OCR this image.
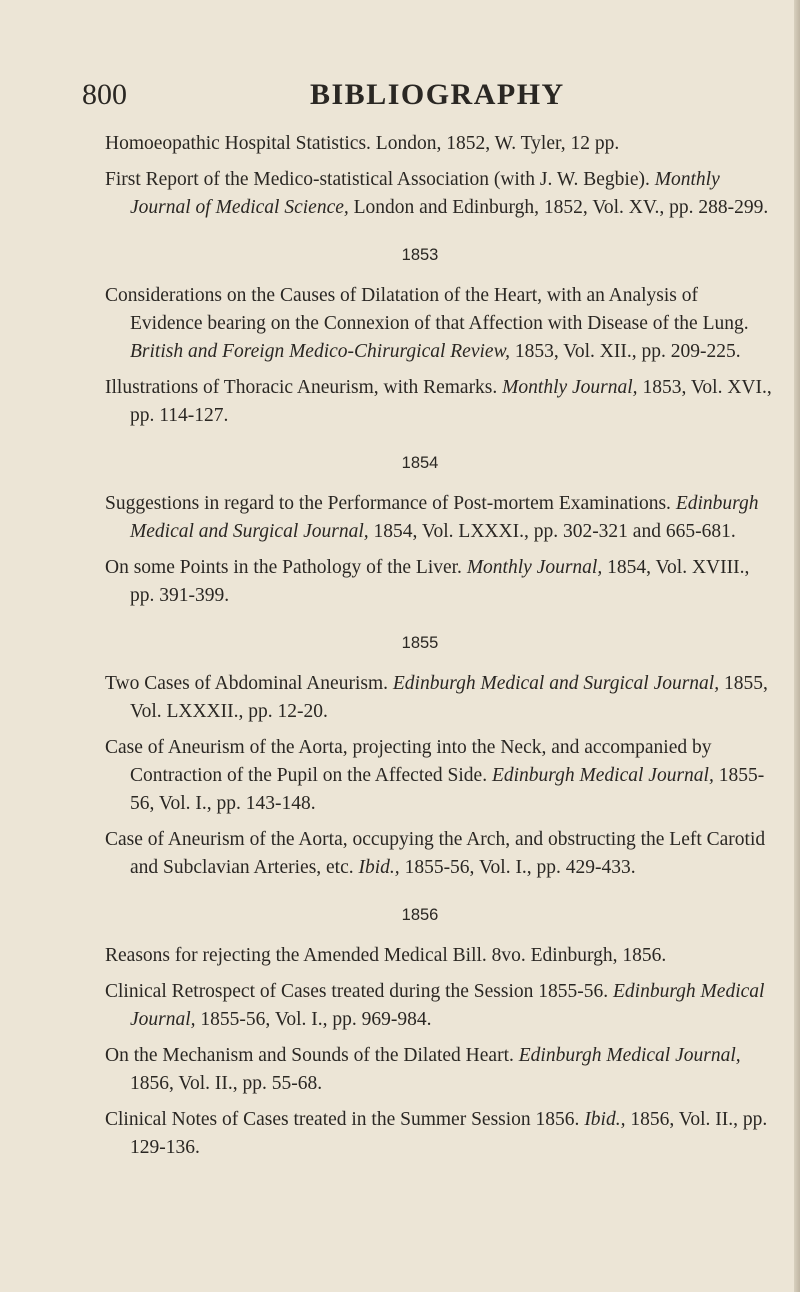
800	BIBLIOGRAPHY

Homoeopathic Hospital Statistics. London, 1852, W. Tyler, 12 pp.

First Report of the Medico-statistical Association (with J. W. Begbie). Monthly Journal of Medical Science, London and Edinburgh, 1852, Vol. XV., pp. 288-299.

1853

Considerations on the Causes of Dilatation of the Heart, with an Analysis of Evidence bearing on the Connexion of that Affection with Disease of the Lung. British and Foreign Medico-Chirurgical Review, 1853, Vol. XII., pp. 209-225.

Illustrations of Thoracic Aneurism, with Remarks. Monthly Journal, 1853, Vol. XVI., pp. 114-127.

1854

Suggestions in regard to the Performance of Post-mortem Examinations. Edinburgh Medical and Surgical Journal, 1854, Vol. LXXXI., pp. 302-321 and 665-681.

On some Points in the Pathology of the Liver. Monthly Journal, 1854, Vol. XVIII., pp. 391-399.

1855

Two Cases of Abdominal Aneurism. Edinburgh Medical and Surgical Journal, 1855, Vol. LXXXII., pp. 12-20.

Case of Aneurism of the Aorta, projecting into the Neck, and accompanied by Contraction of the Pupil on the Affected Side. Edinburgh Medical Journal, 1855-56, Vol. I., pp. 143-148.

Case of Aneurism of the Aorta, occupying the Arch, and obstructing the Left Carotid and Subclavian Arteries, etc. Ibid., 1855-56, Vol. I., pp. 429-433.

1856

Reasons for rejecting the Amended Medical Bill. 8vo. Edinburgh, 1856.

Clinical Retrospect of Cases treated during the Session 1855-56. Edinburgh Medical Journal, 1855-56, Vol. I., pp. 969-984.

On the Mechanism and Sounds of the Dilated Heart. Edinburgh Medical Journal, 1856, Vol. II., pp. 55-68.

Clinical Notes of Cases treated in the Summer Session 1856. Ibid., 1856, Vol. II., pp. 129-136.
